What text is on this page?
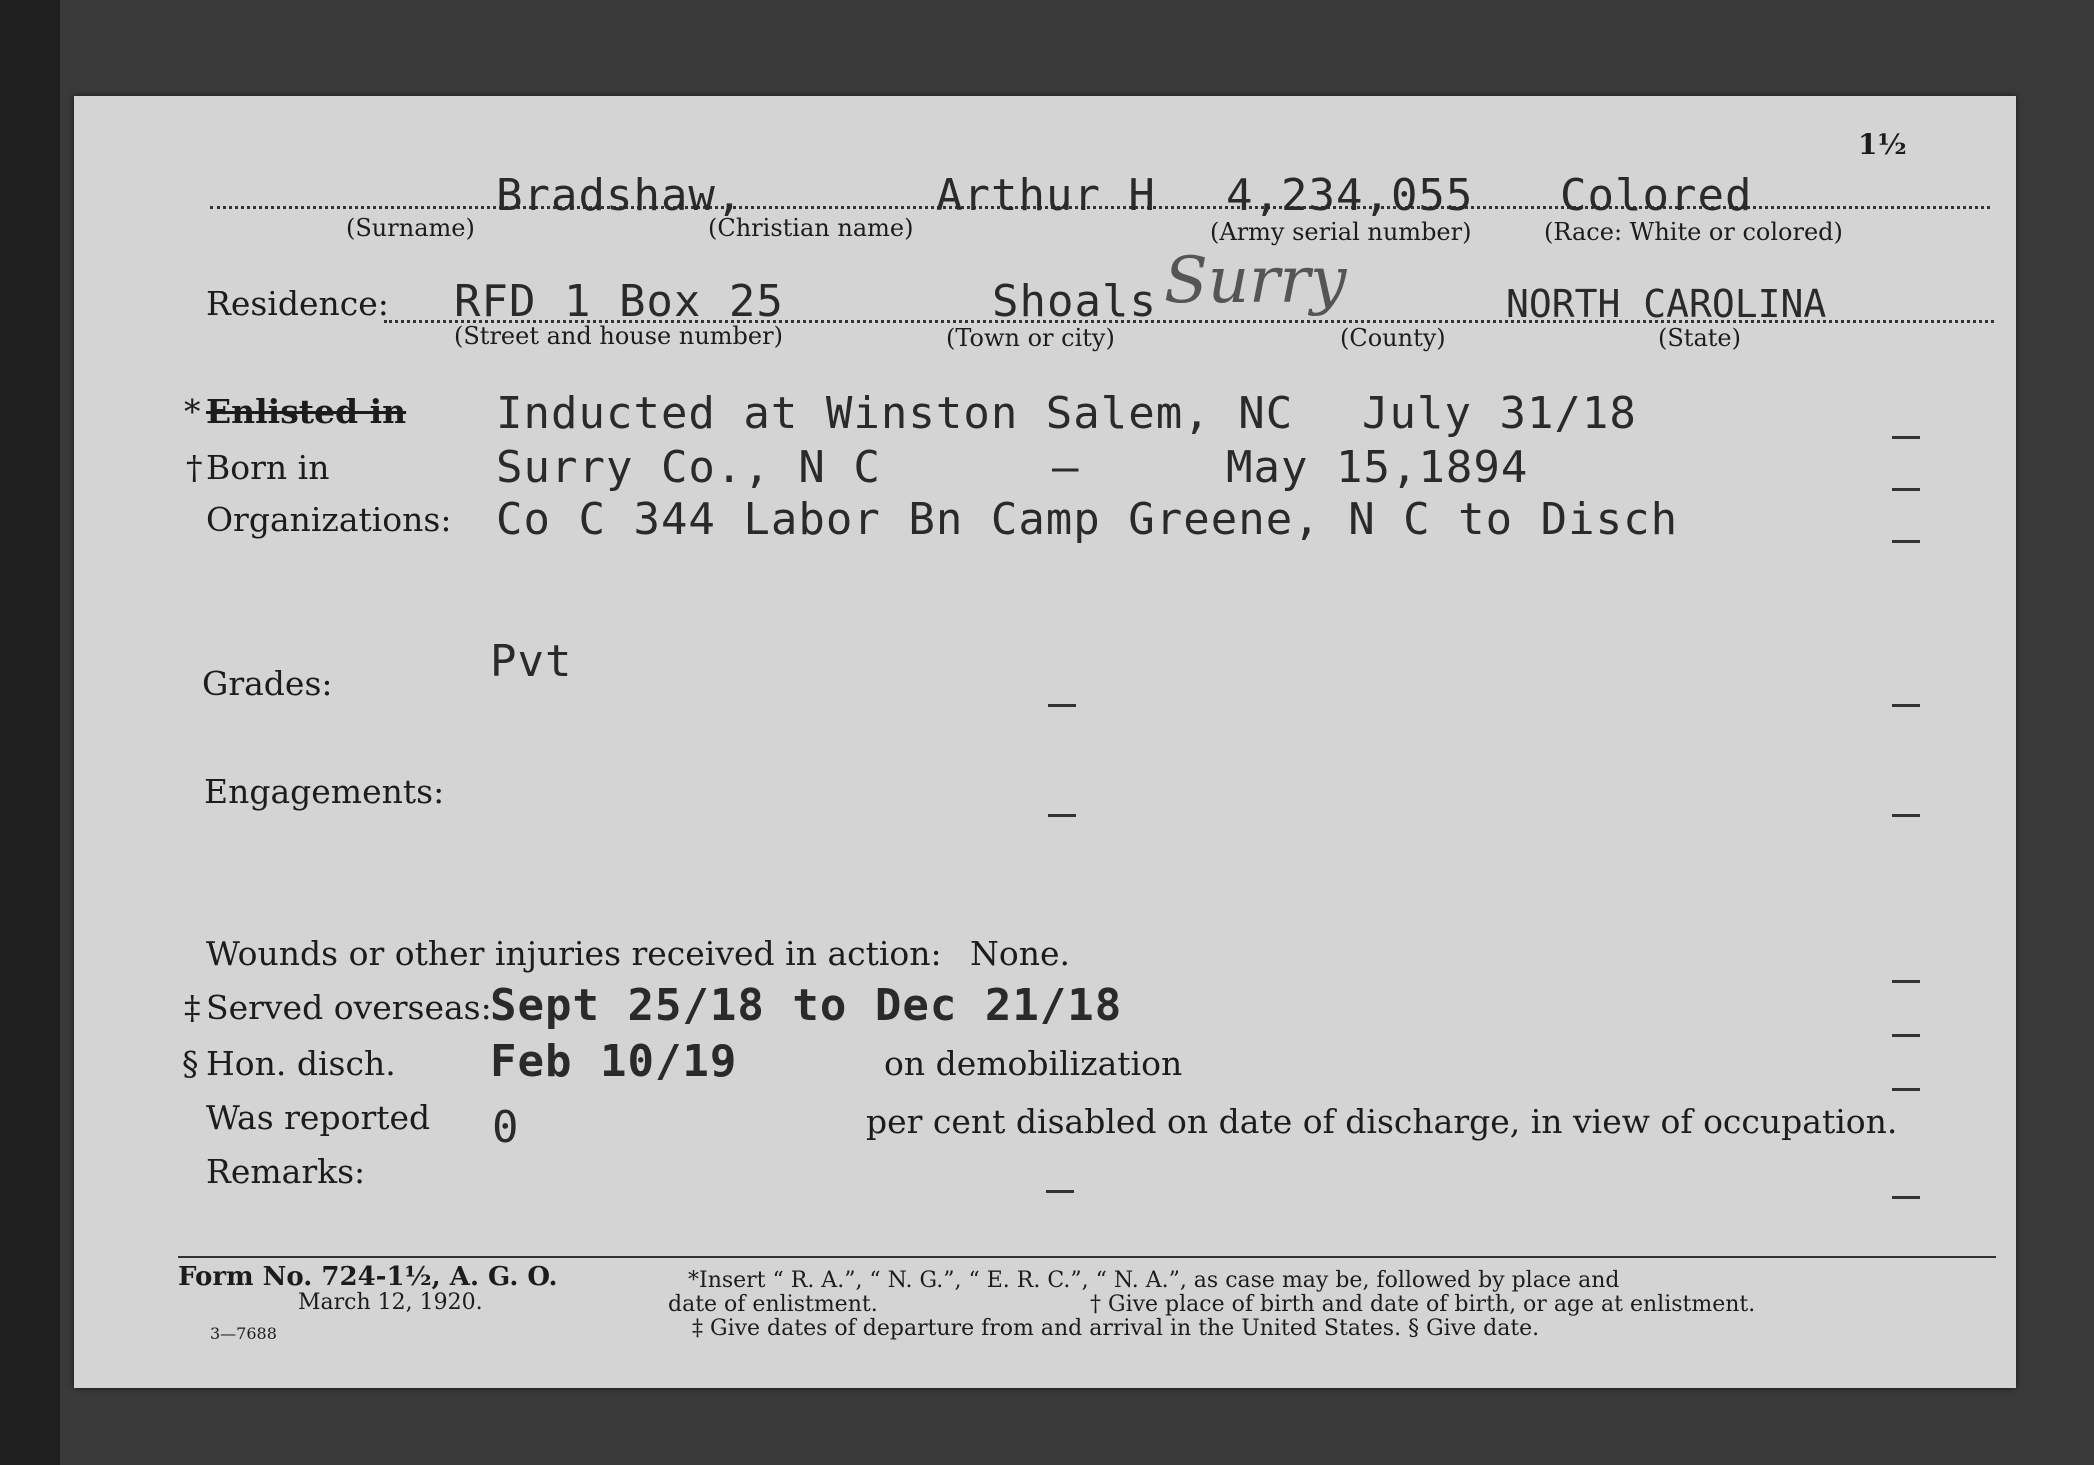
1½
Bradshaw,	Arthur H 4,234,055 Colored
(Surname)	(Christian name)	(Army serial number)	(Race: White or colored)
Residence: RFD 1 Box 25	Shoals Surry	NORTH CAROLINA
(Street and house number)	(Town or city)	(County)	(State)
* Enlisted in Inducted at Winston Salem, NC July 31/18
† Born in	Surry Co., N C	–	May 15,1894
Organizations: Co C 344 Labor Bn Camp Greene, N C to Disch
Grades:	Pvt
Engagements:
Wounds or other injuries received in action: None.
‡ Served overseas:
Sept 25/18 to Dec 21/18
§ Hon. disch. Feb 10/19	on demobilization
Was reported 0	per cent disabled on date of discharge, in view of occupation.
Remarks:
Form No. 724-1½, A. G. O.
March 12, 1920.
3—7688
*Insert “ R. A.”, “ N. G.”, “ E. R. C.”, “ N. A.”, as case may be, followed by place and
date of enlistment.	† Give place of birth and date of birth, or age at enlistment.
‡ Give dates of departure from and arrival in the United States. § Give date.
